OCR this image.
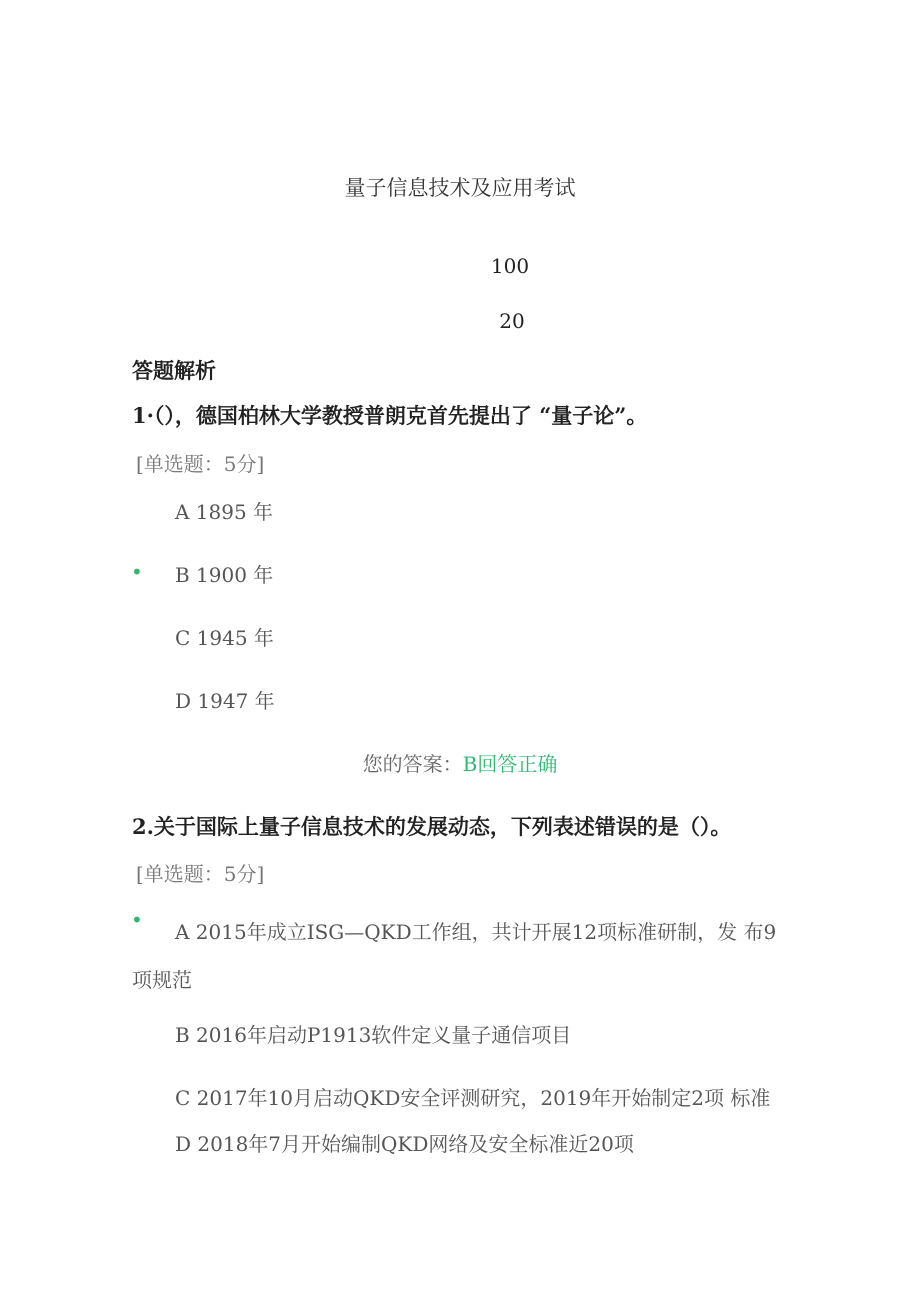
量子信息技术及应用考试
100
20
答题解析
1·（），德国柏林大学教授普朗克首先提出了 “量子论”。
[单选题：5分]
A 1895 年
• B 1900 年
C 1945 年
D 1947 年
您的答案：B回答正确
2.关于国际上量子信息技术的发展动态，下列表述错误的是（）。
[单选题：5分]
•	A 2015年成立ISG—QKD工作组，共计开展12项标准研制，发 布9项规范
B 2016年启动P1913软件定义量子通信项目
C 2017年10月启动QKD安全评测研究，2019年开始制定2项 标准
D 2018年7月开始编制QKD网络及安全标准近20项
